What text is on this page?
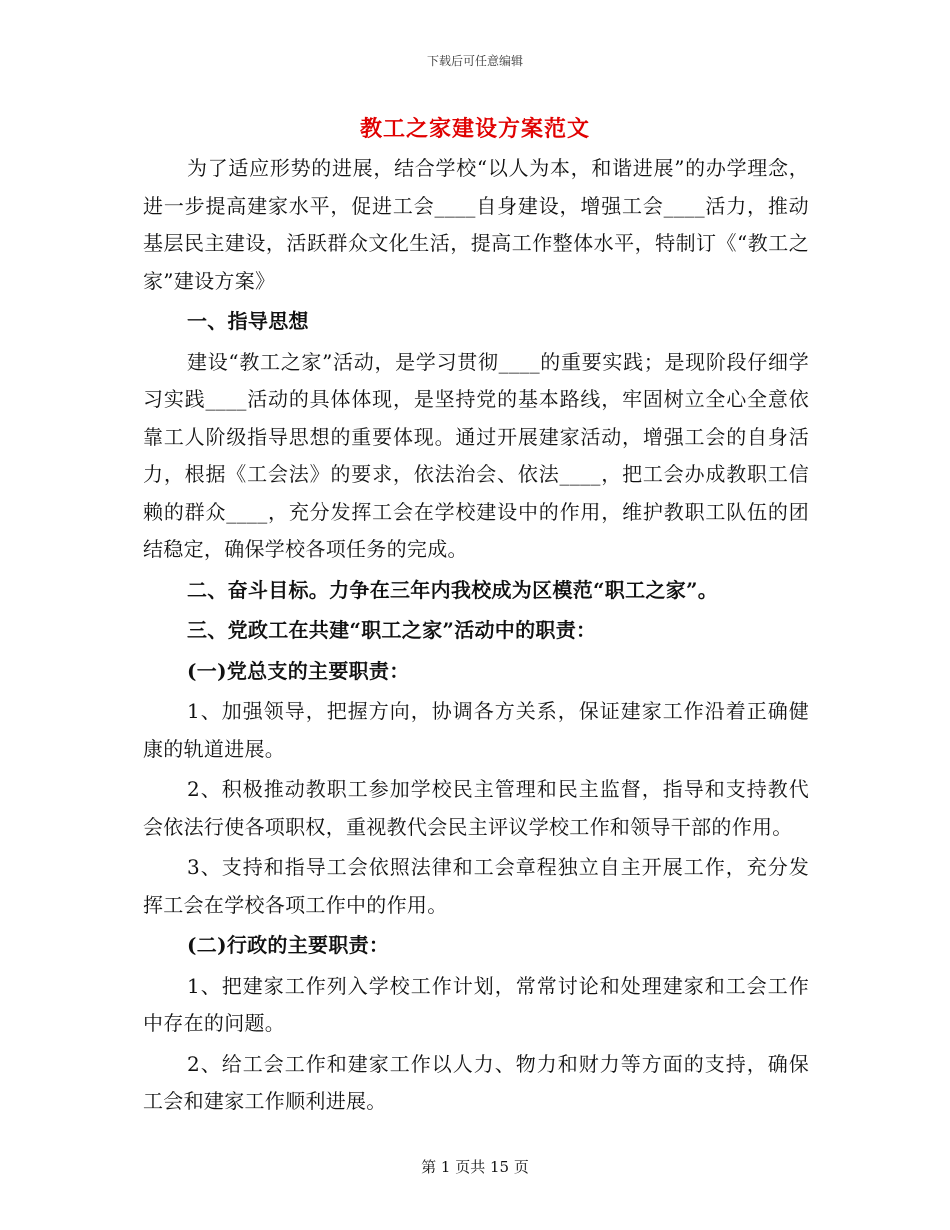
下载后可任意编辑
教工之家建设方案范文

为了适应形势的进展，结合学校“以人为本，和谐进展”的办学理念，进一步提高建家水平，促进工会____自身建设，增强工会____活力，推动基层民主建设，活跃群众文化生活，提高工作整体水平，特制订《“教工之家”建设方案》

一、指导思想

建设“教工之家”活动，是学习贯彻____的重要实践；是现阶段仔细学习实践____活动的具体体现，是坚持党的基本路线，牢固树立全心全意依靠工人阶级指导思想的重要体现。通过开展建家活动，增强工会的自身活力，根据《工会法》的要求，依法治会、依法____，把工会办成教职工信赖的群众____，充分发挥工会在学校建设中的作用，维护教职工队伍的团结稳定，确保学校各项任务的完成。

二、奋斗目标。力争在三年内我校成为区模范“职工之家”。

三、党政工在共建“职工之家”活动中的职责：

(一)党总支的主要职责：

1、加强领导，把握方向，协调各方关系，保证建家工作沿着正确健康的轨道进展。

2、积极推动教职工参加学校民主管理和民主监督，指导和支持教代会依法行使各项职权，重视教代会民主评议学校工作和领导干部的作用。

3、支持和指导工会依照法律和工会章程独立自主开展工作，充分发挥工会在学校各项工作中的作用。

(二)行政的主要职责：

1、把建家工作列入学校工作计划，常常讨论和处理建家和工会工作中存在的问题。

2、给工会工作和建家工作以人力、物力和财力等方面的支持，确保工会和建家工作顺利进展。

第 1 页共 15 页
